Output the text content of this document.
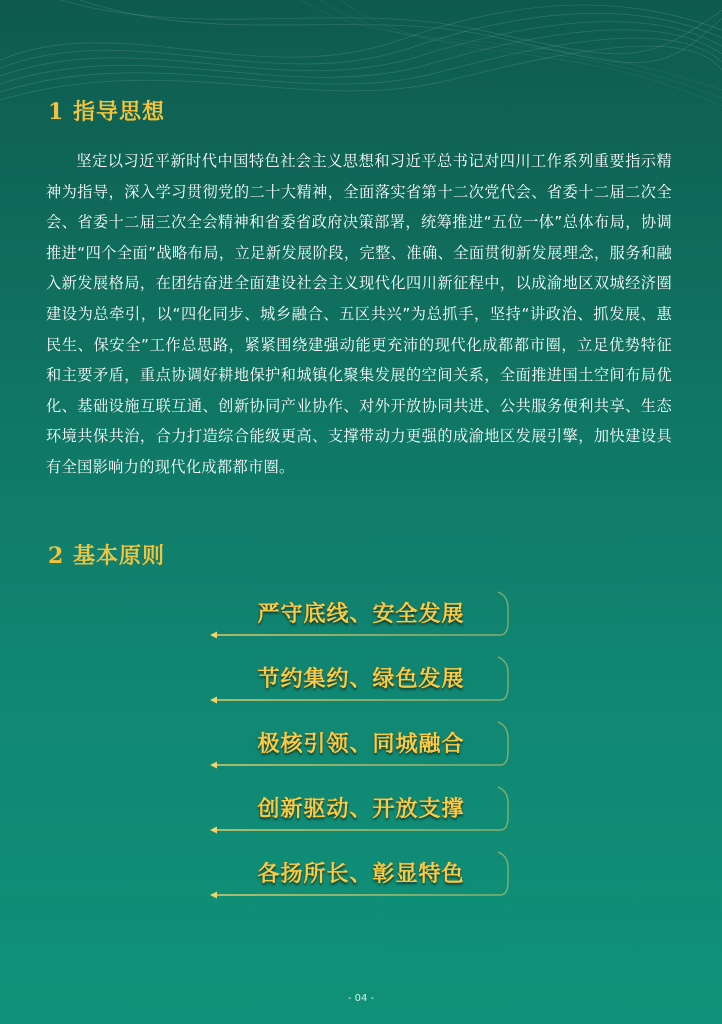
1 指导思想

坚定以习近平新时代中国特色社会主义思想和习近平总书记对四川工作系列重要指示精神为指导，深入学习贯彻党的二十大精神，全面落实省第十二次党代会、省委十二届二次全会、省委十二届三次全会精神和省委省政府决策部署，统筹推进“五位一体”总体布局，协调推进“四个全面”战略布局，立足新发展阶段，完整、准确、全面贯彻新发展理念，服务和融入新发展格局，在团结奋进全面建设社会主义现代化四川新征程中，以成渝地区双城经济圈建设为总牵引，以“四化同步、城乡融合、五区共兴”为总抓手，坚持“讲政治、抓发展、惠民生、保安全”工作总思路，紧紧围绕建强动能更充沛的现代化成都都市圈，立足优势特征和主要矛盾，重点协调好耕地保护和城镇化聚集发展的空间关系，全面推进国土空间布局优化、基础设施互联互通、创新协同产业协作、对外开放协同共进、公共服务便利共享、生态环境共保共治，合力打造综合能级更高、支撑带动力更强的成渝地区发展引擎，加快建设具有全国影响力的现代化成都都市圈。

2 基本原则
严守底线、安全发展
节约集约、绿色发展
极核引领、同城融合
创新驱动、开放支撑
各扬所长、彰显特色
- 04 -
